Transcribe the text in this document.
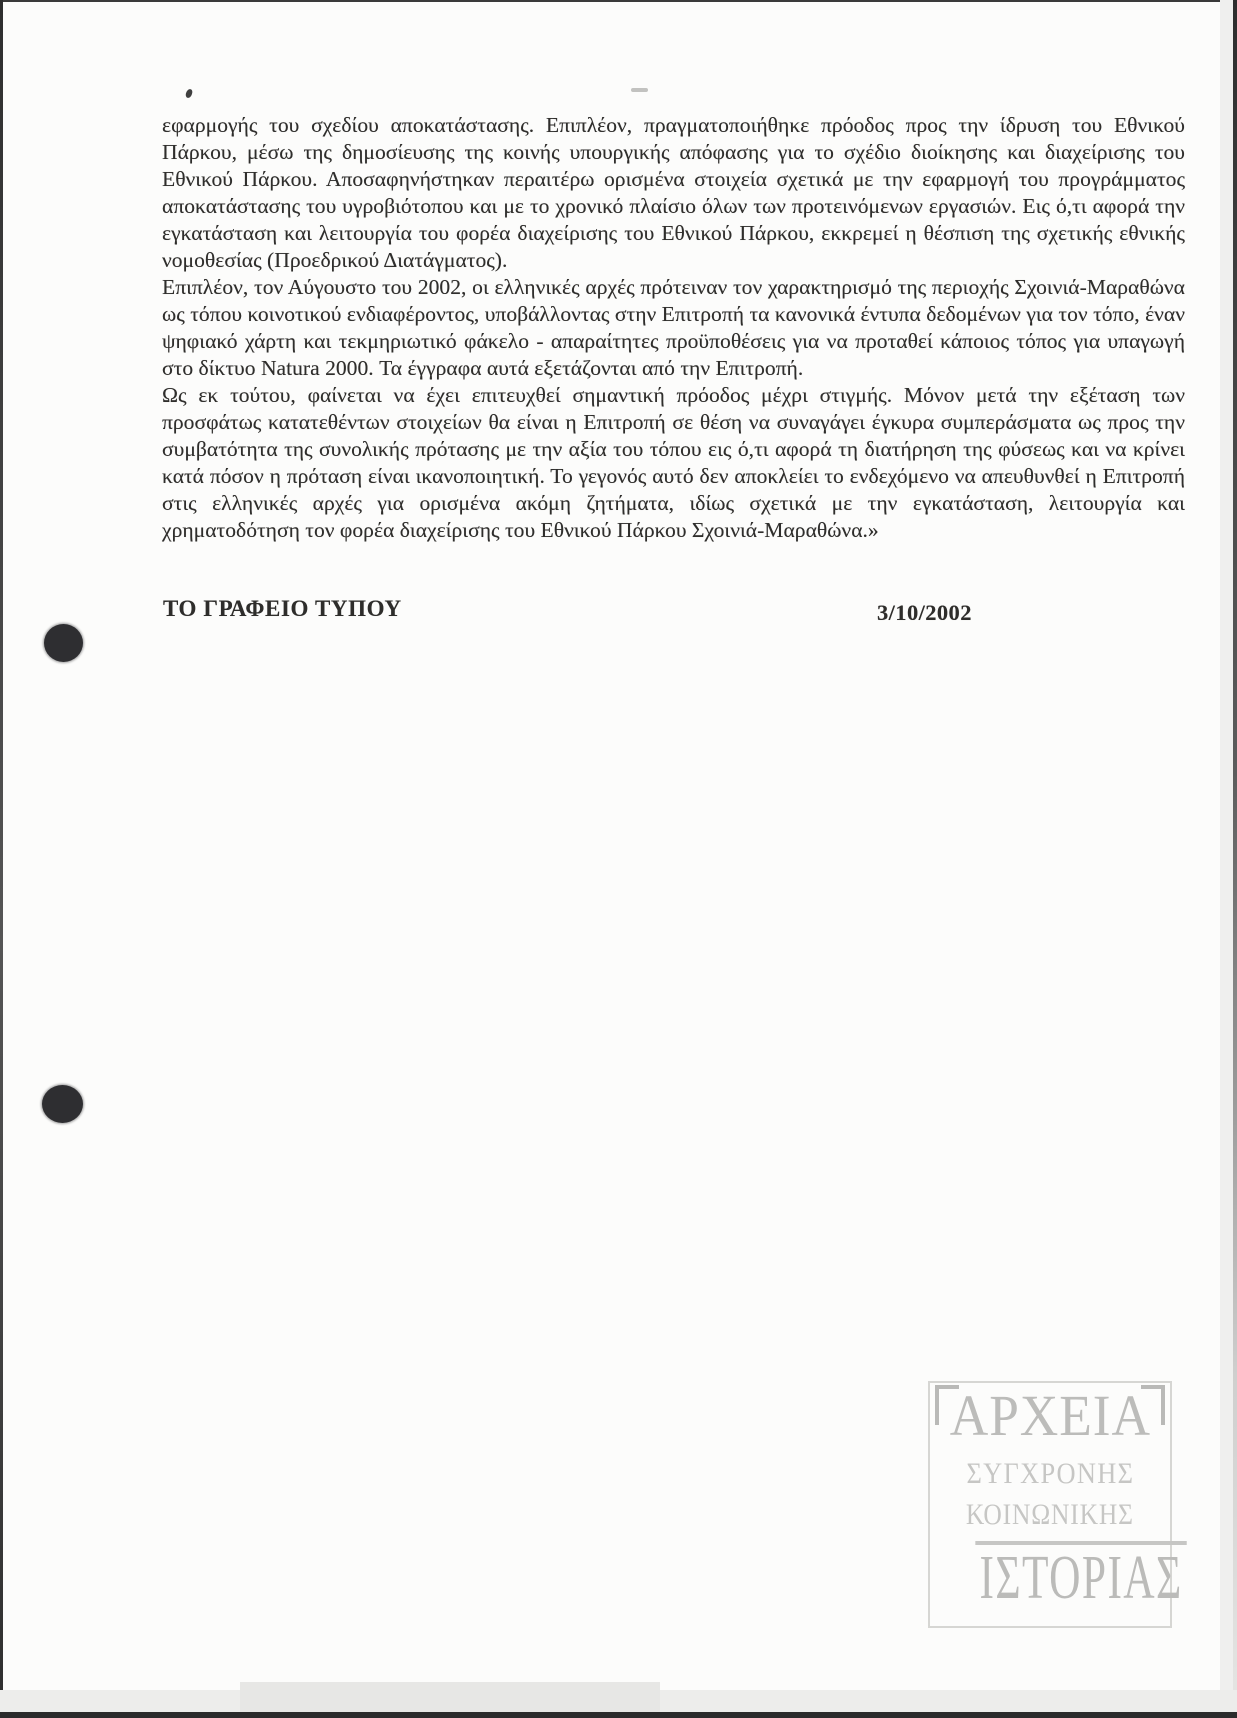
εφαρμογής του σχεδίου αποκατάστασης. Επιπλέον, πραγματοποιήθηκε πρόοδος προς την ίδρυση του Εθνικού Πάρκου, μέσω της δημοσίευσης της κοινής υπουργικής απόφασης για το σχέδιο διοίκησης και διαχείρισης του Εθνικού Πάρκου. Αποσαφηνήστηκαν περαιτέρω ορισμένα στοιχεία σχετικά με την εφαρμογή του προγράμματος αποκατάστασης του υγροβιότοπου και με το χρονικό πλαίσιο όλων των προτεινόμενων εργασιών. Εις ό,τι αφορά την εγκατάσταση και λειτουργία του φορέα διαχείρισης του Εθνικού Πάρκου, εκκρεμεί η θέσπιση της σχετικής εθνικής νομοθεσίας (Προεδρικού Διατάγματος).

Επιπλέον, τον Αύγουστο του 2002, οι ελληνικές αρχές πρότειναν τον χαρακτηρισμό της περιοχής Σχοινιά-Μαραθώνα ως τόπου κοινοτικού ενδιαφέροντος, υποβάλλοντας στην Επιτροπή τα κανονικά έντυπα δεδομένων για τον τόπο, έναν ψηφιακό χάρτη και τεκμηριωτικό φάκελο - απαραίτητες προϋποθέσεις για να προταθεί κάποιος τόπος για υπαγωγή στο δίκτυο Natura 2000. Τα έγγραφα αυτά εξετάζονται από την Επιτροπή.

Ως εκ τούτου, φαίνεται να έχει επιτευχθεί σημαντική πρόοδος μέχρι στιγμής. Μόνον μετά την εξέταση των προσφάτως κατατεθέντων στοιχείων θα είναι η Επιτροπή σε θέση να συναγάγει έγκυρα συμπεράσματα ως προς την συμβατότητα της συνολικής πρότασης με την αξία του τόπου εις ό,τι αφορά τη διατήρηση της φύσεως και να κρίνει κατά πόσον η πρόταση είναι ικανοποιητική. Το γεγονός αυτό δεν αποκλείει το ενδεχόμενο να απευθυνθεί η Επιτροπή στις ελληνικές αρχές για ορισμένα ακόμη ζητήματα, ιδίως σχετικά με την εγκατάσταση, λειτουργία και χρηματοδότηση τον φορέα διαχείρισης του Εθνικού Πάρκου Σχοινιά-Μαραθώνα.»

ΤΟ ΓΡΑΦΕΙΟ ΤΥΠΟΥ	3/10/2002
ΑΡΧΕΙΑ
ΣΥΓΧΡΟΝΗΣ
ΚΟΙΝΩΝΙΚΗΣ
ΙΣΤΟΡΙΑΣ
